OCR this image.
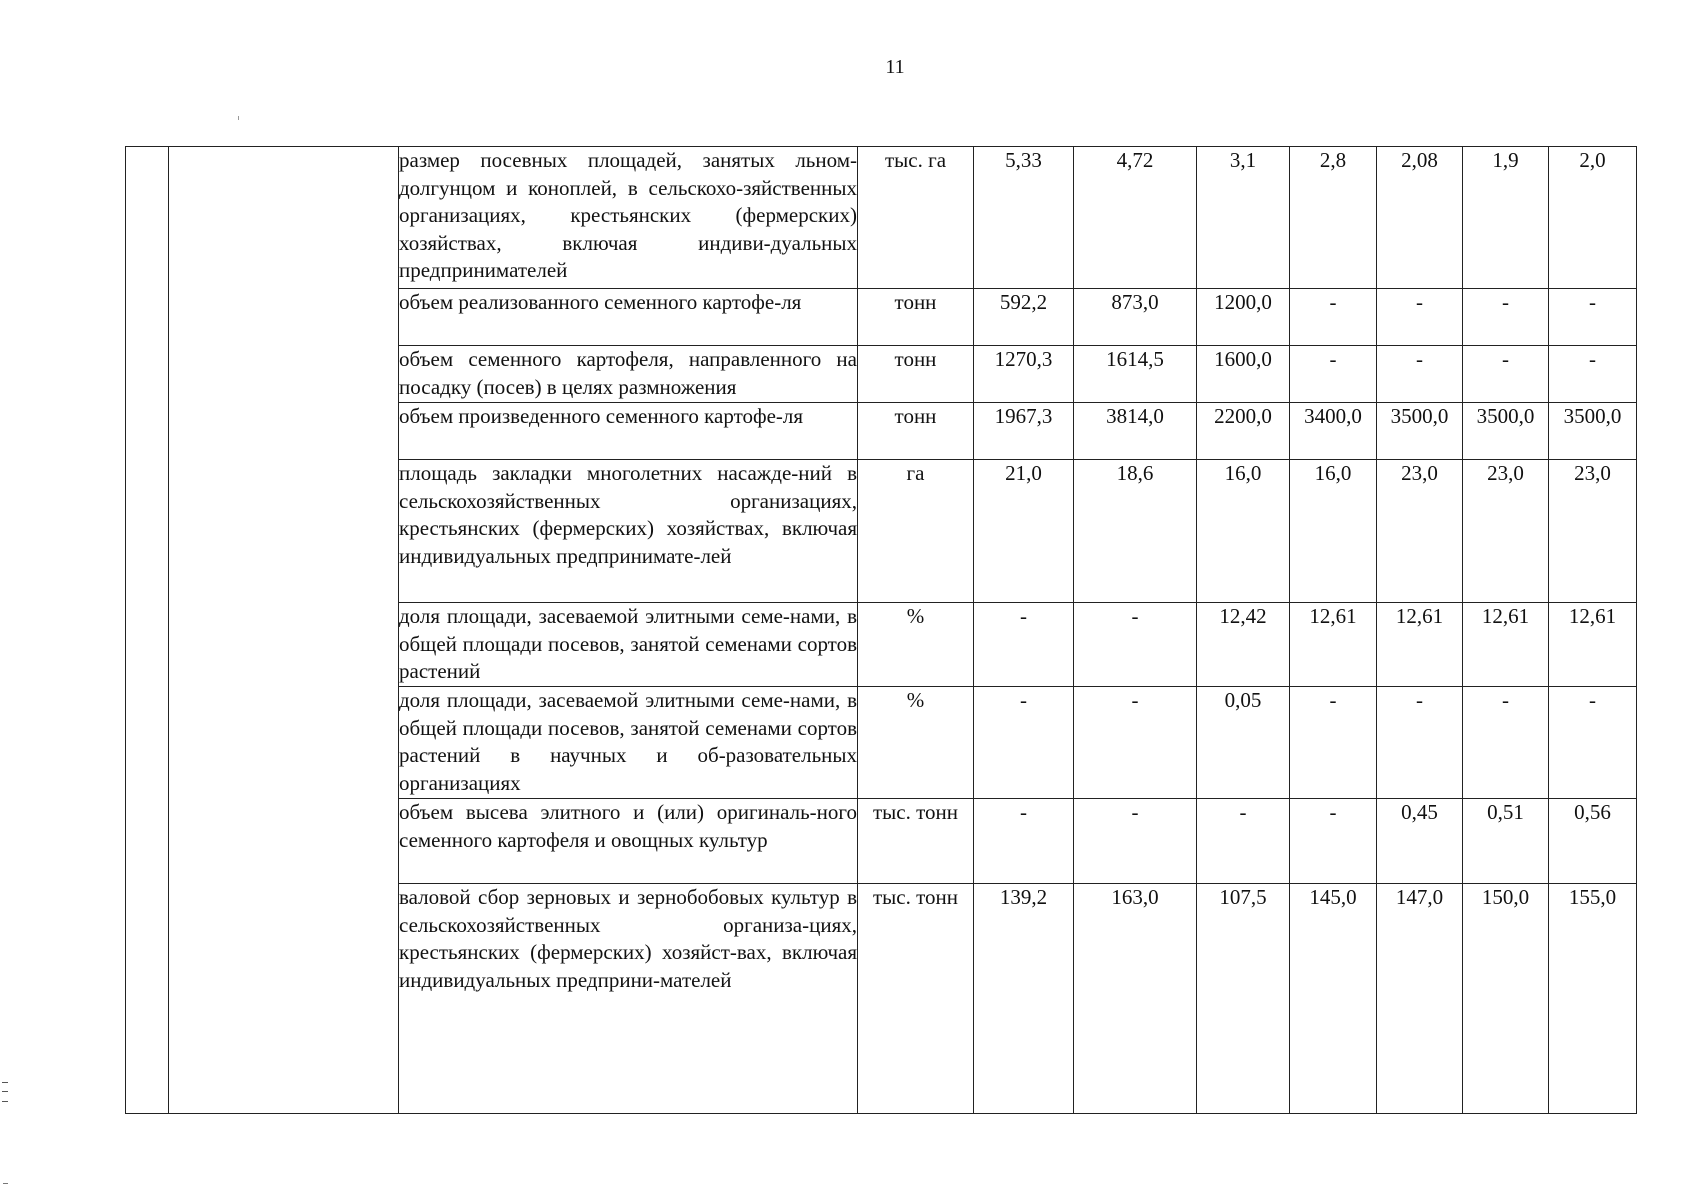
11
		размер посевных площадей, занятых льном-долгунцом и коноплей, в сельскохо-зяйственных организациях, крестьянских (фермерских) хозяйствах, включая индиви-дуальных предпринимателей	тыс. га	5,33	4,72	3,1	2,8	2,08	1,9	2,0
		объем реализованного семенного картофе-ля	тонн	592,2	873,0	1200,0	-	-	-	-
		объем семенного картофеля, направленного на посадку (посев) в целях размножения	тонн	1270,3	1614,5	1600,0	-	-	-	-
		объем произведенного семенного картофе-ля	тонн	1967,3	3814,0	2200,0	3400,0	3500,0	3500,0	3500,0
		площадь закладки многолетних насажде-ний в сельскохозяйственных организациях, крестьянских (фермерских) хозяйствах, включая индивидуальных предпринимате-лей	га	21,0	18,6	16,0	16,0	23,0	23,0	23,0
		доля площади, засеваемой элитными семе-нами, в общей площади посевов, занятой семенами сортов растений	%	-	-	12,42	12,61	12,61	12,61	12,61
		доля площади, засеваемой элитными семе-нами, в общей площади посевов, занятой семенами сортов растений в научных и об-разовательных организациях	%	-	-	0,05	-	-	-	-
		объем высева элитного и (или) оригиналь-ного семенного картофеля и овощных культур	тыс. тонн	-	-	-	-	0,45	0,51	0,56
		валовой сбор зерновых и зернобобовых культур в сельскохозяйственных организа-циях, крестьянских (фермерских) хозяйст-вах, включая индивидуальных предприни-мателей	тыс. тонн	139,2	163,0	107,5	145,0	147,0	150,0	155,0
